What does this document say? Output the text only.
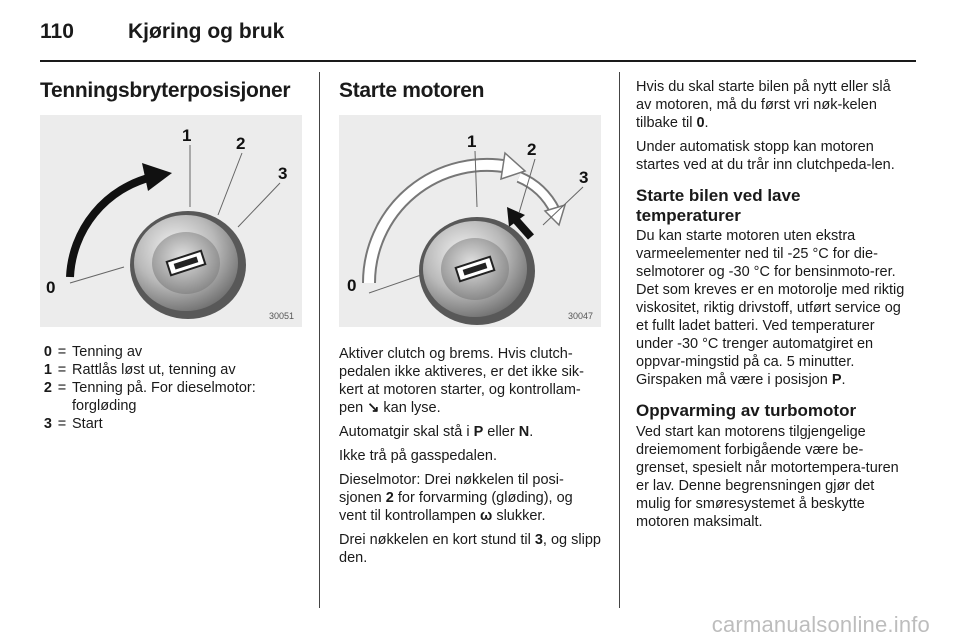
110	Kjøring og bruk
Tenningsbryterposisjoner
0
1	2
3
30051
0 = Tenning av
1 = Rattlås løst ut, tenning av
2 = Tenning på. For dieselmotor: forgløding
3 = Start
Starte motoren
0
1	2
3
30047

Aktiver clutch og brems. Hvis clutch-pedalen ikke aktiveres, er det ikke sik-kert at motoren starter, og kontrollam-pen ↘ kan lyse.

Automatgir skal stå i P eller N.

Ikke trå på gasspedalen.

Dieselmotor: Drei nøkkelen til posi-sjonen 2 for forvarming (gløding), og vent til kontrollampen ω slukker.

Drei nøkkelen en kort stund til 3, og slipp den.

Hvis du skal starte bilen på nytt eller slå av motoren, må du først vri nøk-kelen tilbake til 0.

Under automatisk stopp kan motoren startes ved at du trår inn clutchpeda-len.

Starte bilen ved lave temperaturer

Du kan starte motoren uten ekstra varmeelementer ned til -25 °C for die-selmotorer og -30 °C for bensinmoto-rer. Det som kreves er en motorolje med riktig viskositet, riktig drivstoff, utført service og et fullt ladet batteri. Ved temperaturer under -30 °C trenger automatgiret en oppvar-mingstid på ca. 5 minutter. Girspaken må være i posisjon P.

Oppvarming av turbomotor

Ved start kan motorens tilgjengelige dreiemoment forbigående være be-grenset, spesielt når motortempera-turen er lav. Denne begrensningen gjør det mulig for smøresystemet å beskytte motoren maksimalt.

carmanualsonline.info
